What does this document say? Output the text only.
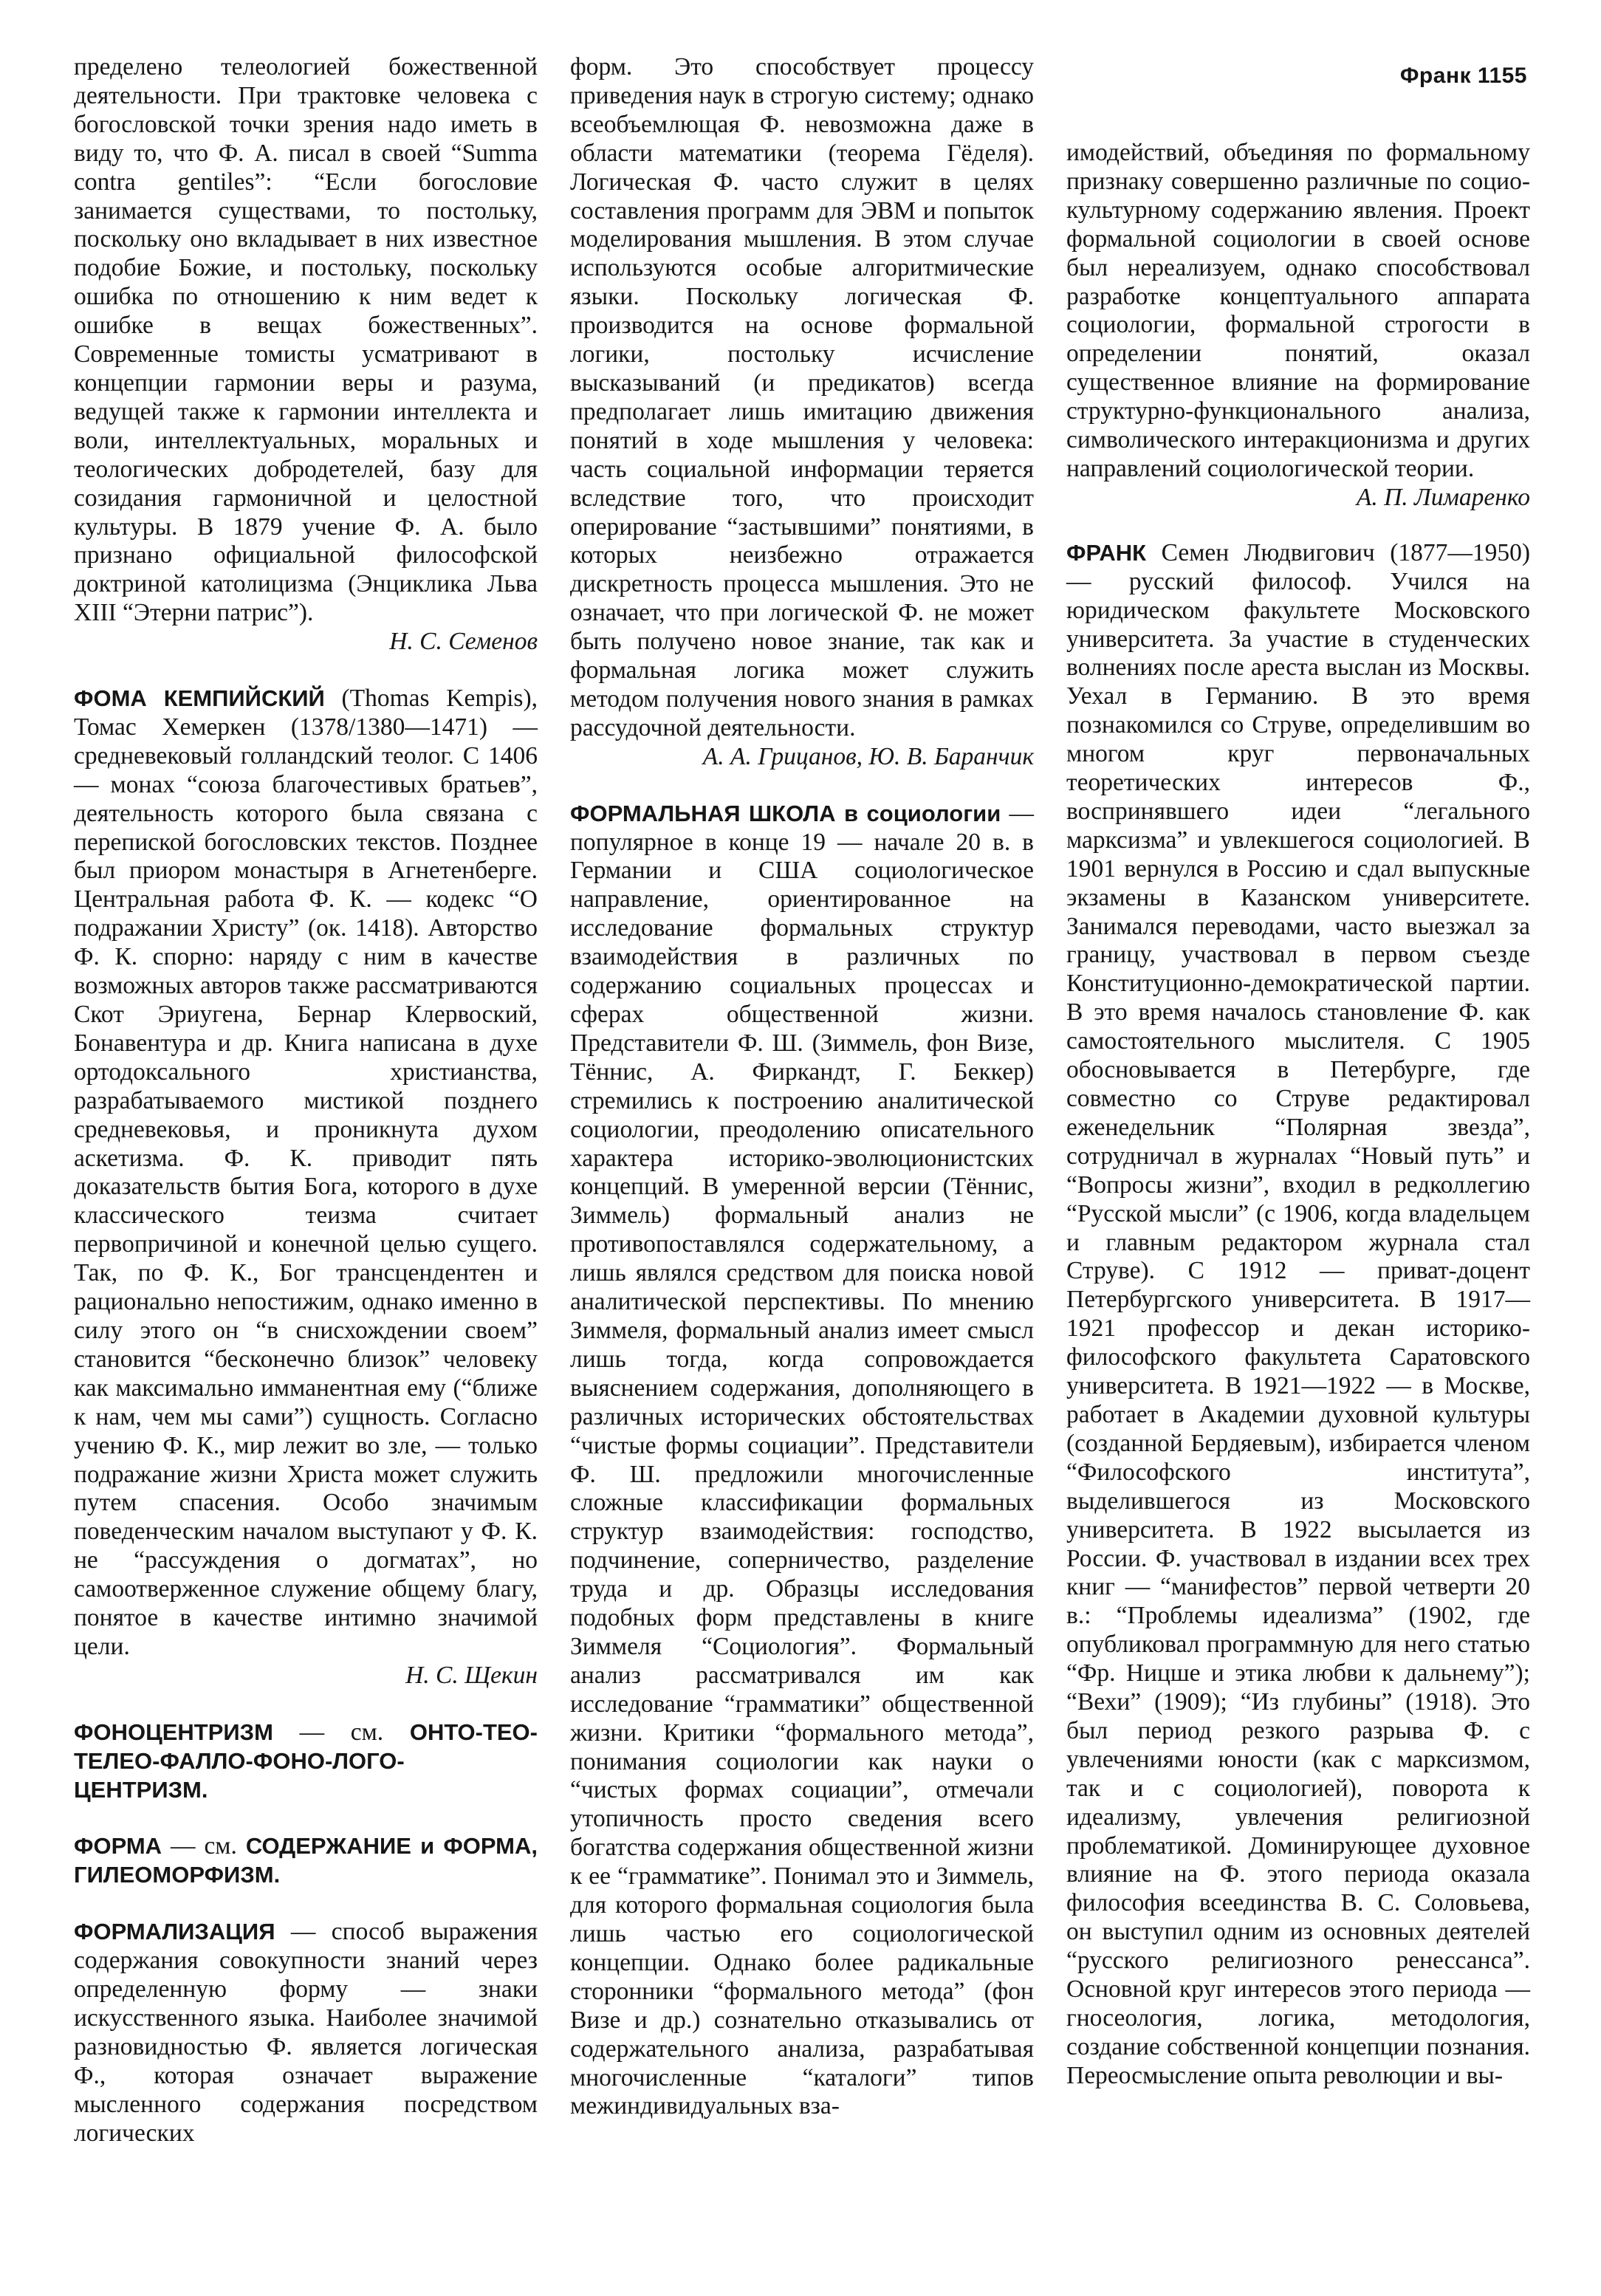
Франк 1155

пределено телеологией божественной деятельности. При трактовке человека с богословской точки зрения надо иметь в виду то, что Ф. А. писал в своей “Summa contra gentiles”: “Если богословие занимается существами, то постольку, поскольку оно вкладывает в них известное подобие Божие, и постольку, поскольку ошибка по отношению к ним ведет к ошибке в вещах божественных”. Современные томисты усматривают в концепции гармонии веры и разума, ведущей также к гармонии интеллекта и воли, интеллектуальных, моральных и теологических добродетелей, базу для созидания гармоничной и целостной культуры. В 1879 учение Ф. А. было признано официальной философской доктриной католицизма (Энциклика Льва XIII “Этерни патрис”).

Н. С. Семенов

ФОМА КЕМПИЙСКИЙ (Thomas Kempis), Томас Хемеркен (1378/1380—1471) — средневековый голландский теолог. С 1406 — монах “союза благочестивых братьев”, деятельность которого была связана с перепиской богословских текстов. Позднее был приором монастыря в Агнетенберге. Центральная работа Ф. К. — кодекс “О подражании Христу” (ок. 1418). Авторство Ф. К. спорно: наряду с ним в качестве возможных авторов также рассматриваются Скот Эриугена, Бернар Клервоский, Бонавентура и др. Книга написана в духе ортодоксального христианства, разрабатываемого мистикой позднего средневековья, и проникнута духом аскетизма. Ф. К. приводит пять доказательств бытия Бога, которого в духе классического теизма считает первопричиной и конечной целью сущего. Так, по Ф. К., Бог трансцендентен и рационально непостижим, однако именно в силу этого он “в снисхождении своем” становится “бесконечно близок” человеку как максимально имманентная ему (“ближе к нам, чем мы сами”) сущность. Согласно учению Ф. К., мир лежит во зле, — только подражание жизни Христа может служить путем спасения. Особо значимым поведенческим началом выступают у Ф. К. не “рассуждения о догматах”, но самоотверженное служение общему благу, понятое в качестве интимно значимой цели.

Н. С. Щекин

ФОНОЦЕНТРИЗМ — см. ОНТО-ТЕО-ТЕЛЕО-ФАЛЛО-ФОНО-ЛОГО-ЦЕНТРИЗМ.

ФОРМА — см. СОДЕРЖАНИЕ и ФОРМА, ГИЛЕОМОРФИЗМ.

ФОРМАЛИЗАЦИЯ — способ выражения содержания совокупности знаний через определенную форму — знаки искусственного языка. Наиболее значимой разновидностью Ф. является логическая Ф., которая означает выражение мысленного содержания посредством логических

форм. Это способствует процессу приведения наук в строгую систему; однако всеобъемлющая Ф. невозможна даже в области математики (теорема Гёделя). Логическая Ф. часто служит в целях составления программ для ЭВМ и попыток моделирования мышления. В этом случае используются особые алгоритмические языки. Поскольку логическая Ф. производится на основе формальной логики, постольку исчисление высказываний (и предикатов) всегда предполагает лишь имитацию движения понятий в ходе мышления у человека: часть социальной информации теряется вследствие того, что происходит оперирование “застывшими” понятиями, в которых неизбежно отражается дискретность процесса мышления. Это не означает, что при логической Ф. не может быть получено новое знание, так как и формальная логика может служить методом получения нового знания в рамках рассудочной деятельности.

А. А. Грицанов, Ю. В. Баранчик

ФОРМАЛЬНАЯ ШКОЛА в социологии — популярное в конце 19 — начале 20 в. в Германии и США социологическое направление, ориентированное на исследование формальных структур взаимодействия в различных по содержанию социальных процессах и сферах общественной жизни. Представители Ф. Ш. (Зиммель, фон Визе, Тённис, А. Фиркандт, Г. Беккер) стремились к построению аналитической социологии, преодолению описательного характера историко-эволюционистских концепций. В умеренной версии (Тённис, Зиммель) формальный анализ не противопоставлялся содержательному, а лишь являлся средством для поиска новой аналитической перспективы. По мнению Зиммеля, формальный анализ имеет смысл лишь тогда, когда сопровождается выяснением содержания, дополняющего в различных исторических обстоятельствах “чистые формы социации”. Представители Ф. Ш. предложили многочисленные сложные классификации формальных структур взаимодействия: господство, подчинение, соперничество, разделение труда и др. Образцы исследования подобных форм представлены в книге Зиммеля “Социология”. Формальный анализ рассматривался им как исследование “грамматики” общественной жизни. Критики “формального метода”, понимания социологии как науки о “чистых формах социации”, отмечали утопичность просто сведения всего богатства содержания общественной жизни к ее “грамматике”. Понимал это и Зиммель, для которого формальная социология была лишь частью его социологической концепции. Однако более радикальные сторонники “формального метода” (фон Визе и др.) сознательно отказывались от содержательного анализа, разрабатывая многочисленные “каталоги” типов межиндивидуальных вза-

имодействий, объединяя по формальному признаку совершенно различные по социо-культурному содержанию явления. Проект формальной социологии в своей основе был нереализуем, однако способствовал разработке концептуального аппарата социологии, формальной строгости в определении понятий, оказал существенное влияние на формирование структурно-функционального анализа, символического интеракционизма и других направлений социологической теории.

А. П. Лимаренко

ФРАНК Семен Людвигович (1877—1950) — русский философ. Учился на юридическом факультете Московского университета. За участие в студенческих волнениях после ареста выслан из Москвы. Уехал в Германию. В это время познакомился со Струве, определившим во многом круг первоначальных теоретических интересов Ф., воспринявшего идеи “легального марксизма” и увлекшегося социологией. В 1901 вернулся в Россию и сдал выпускные экзамены в Казанском университете. Занимался переводами, часто выезжал за границу, участвовал в первом съезде Конституционно-демократической партии. В это время началось становление Ф. как самостоятельного мыслителя. С 1905 обосновывается в Петербурге, где совместно со Струве редактировал еженедельник “Полярная звезда”, сотрудничал в журналах “Новый путь” и “Вопросы жизни”, входил в редколлегию “Русской мысли” (с 1906, когда владельцем и главным редактором журнала стал Струве). С 1912 — приват-доцент Петербургского университета. В 1917—1921 профессор и декан историко-философского факультета Саратовского университета. В 1921—1922 — в Москве, работает в Академии духовной культуры (созданной Бердяевым), избирается членом “Философского института”, выделившегося из Московского университета. В 1922 высылается из России. Ф. участвовал в издании всех трех книг — “манифестов” первой четверти 20 в.: “Проблемы идеализма” (1902, где опубликовал программную для него статью “Фр. Ницше и этика любви к дальнему”); “Вехи” (1909); “Из глубины” (1918). Это был период резкого разрыва Ф. с увлечениями юности (как с марксизмом, так и с социологией), поворота к идеализму, увлечения религиозной проблематикой. Доминирующее духовное влияние на Ф. этого периода оказала философия всеединства В. С. Соловьева, он выступил одним из основных деятелей “русского религиозного ренессанса”. Основной круг интересов этого периода — гносеология, логика, методология, создание собственной концепции познания. Переосмысление опыта революции и вы-
